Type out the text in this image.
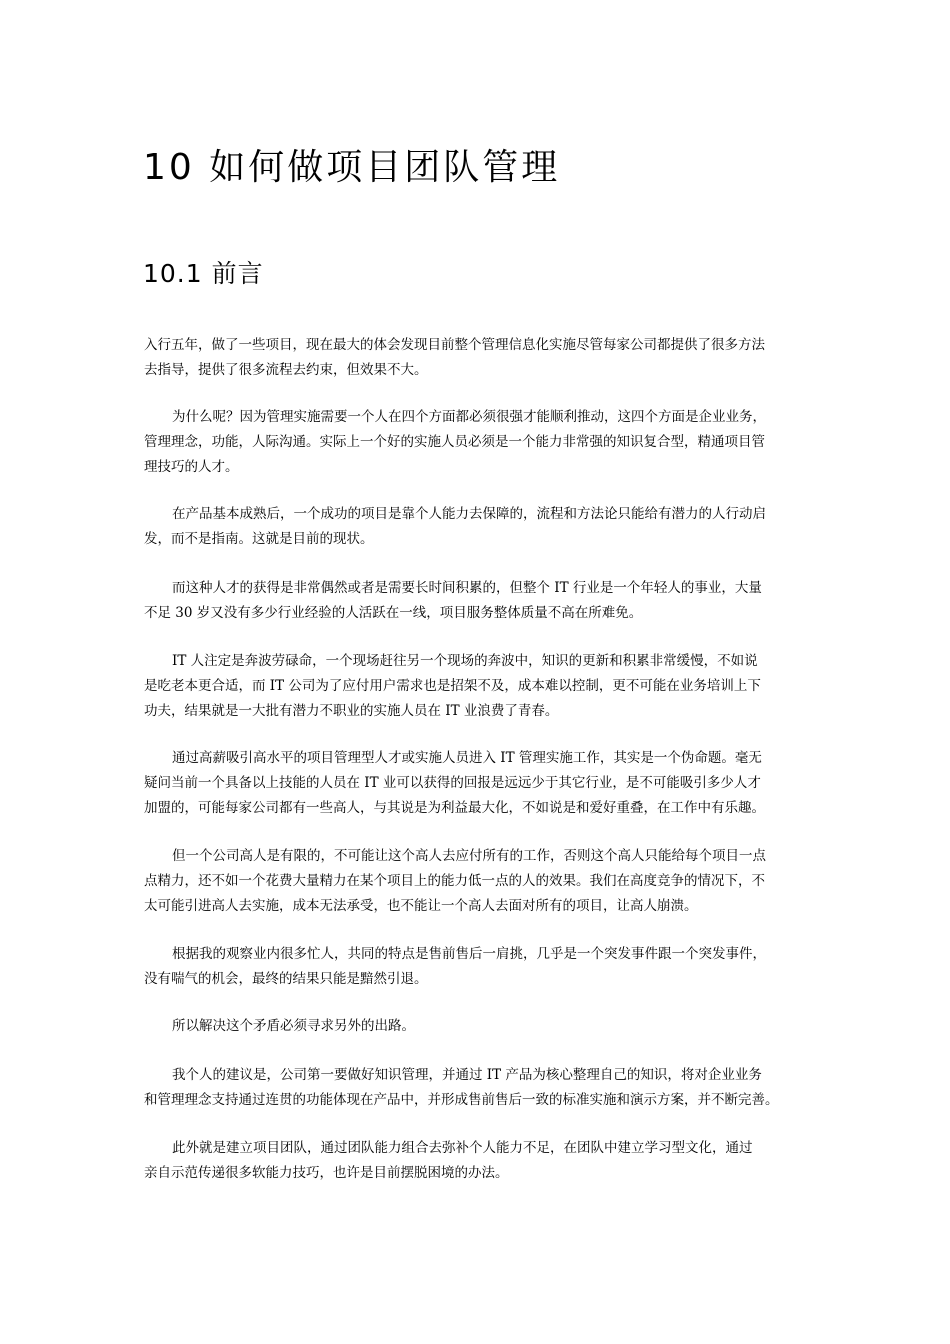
10 如何做项目团队管理
10.1 前言
入行五年，做了一些项目，现在最大的体会发现目前整个管理信息化实施尽管每家公司都提供了很多方法
去指导，提供了很多流程去约束，但效果不大。
为什么呢？因为管理实施需要一个人在四个方面都必须很强才能顺利推动，这四个方面是企业业务，
管理理念，功能，人际沟通。实际上一个好的实施人员必须是一个能力非常强的知识复合型，精通项目管
理技巧的人才。
在产品基本成熟后，一个成功的项目是靠个人能力去保障的，流程和方法论只能给有潜力的人行动启
发，而不是指南。这就是目前的现状。
而这种人才的获得是非常偶然或者是需要长时间积累的，但整个 IT 行业是一个年轻人的事业，大量
不足 30 岁又没有多少行业经验的人活跃在一线，项目服务整体质量不高在所难免。
IT 人注定是奔波劳碌命，一个现场赶往另一个现场的奔波中，知识的更新和积累非常缓慢，不如说
是吃老本更合适，而 IT 公司为了应付用户需求也是招架不及，成本难以控制，更不可能在业务培训上下
功夫，结果就是一大批有潜力不职业的实施人员在 IT 业浪费了青春。
通过高薪吸引高水平的项目管理型人才或实施人员进入 IT 管理实施工作，其实是一个伪命题。毫无
疑问当前一个具备以上技能的人员在 IT 业可以获得的回报是远远少于其它行业，是不可能吸引多少人才
加盟的，可能每家公司都有一些高人，与其说是为利益最大化，不如说是和爱好重叠，在工作中有乐趣。
但一个公司高人是有限的，不可能让这个高人去应付所有的工作，否则这个高人只能给每个项目一点
点精力，还不如一个花费大量精力在某个项目上的能力低一点的人的效果。我们在高度竞争的情况下，不
太可能引进高人去实施，成本无法承受，也不能让一个高人去面对所有的项目，让高人崩溃。
根据我的观察业内很多忙人，共同的特点是售前售后一肩挑，几乎是一个突发事件跟一个突发事件，
没有喘气的机会，最终的结果只能是黯然引退。
所以解决这个矛盾必须寻求另外的出路。
我个人的建议是，公司第一要做好知识管理，并通过 IT 产品为核心整理自己的知识，将对企业业务
和管理理念支持通过连贯的功能体现在产品中，并形成售前售后一致的标准实施和演示方案，并不断完善。
此外就是建立项目团队，通过团队能力组合去弥补个人能力不足，在团队中建立学习型文化，通过
亲自示范传递很多软能力技巧，也许是目前摆脱困境的办法。
